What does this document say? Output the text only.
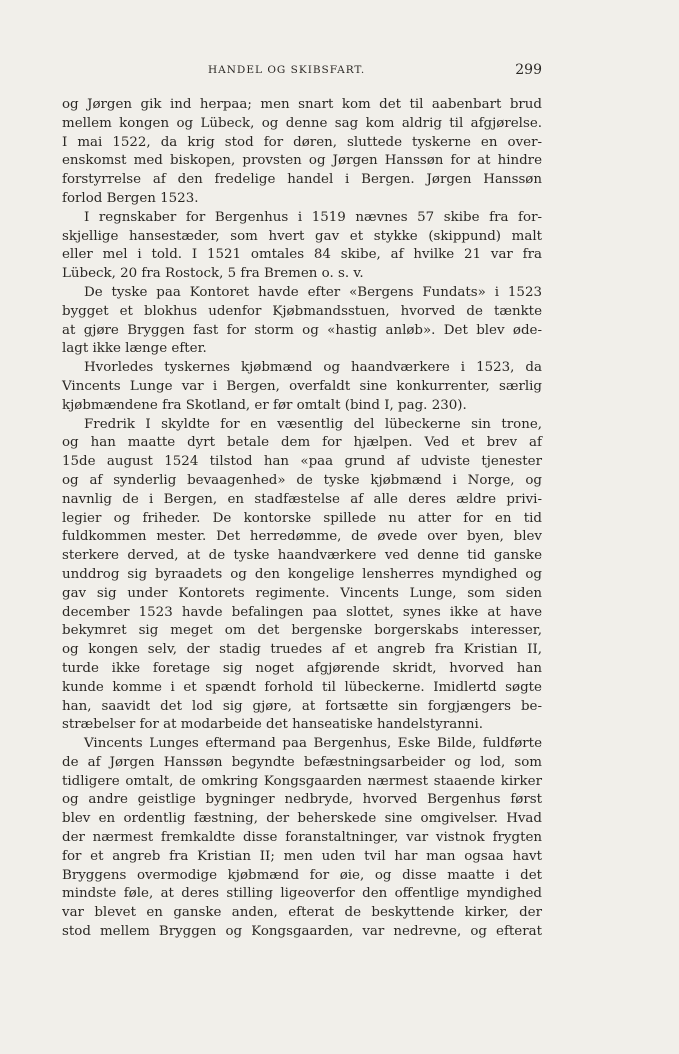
HANDEL OG SKIBSFART.	299
og Jørgen gik ind herpaa; men snart kom det til aabenbart brud
mellem kongen og Lübeck, og denne sag kom aldrig til afgjørelse.
I mai 1522, da krig stod for døren, sluttede tyskerne en over-
enskomst med biskopen, provsten og Jørgen Hanssøn for at hindre
forstyrrelse af den fredelige handel i Bergen. Jørgen Hanssøn
forlod Bergen 1523.
I regnskaber for Bergenhus i 1519 nævnes 57 skibe fra for-
skjellige hansestæder, som hvert gav et stykke (skippund) malt
eller mel i told. I 1521 omtales 84 skibe, af hvilke 21 var fra
Lübeck, 20 fra Rostock, 5 fra Bremen o. s. v.
De tyske paa Kontoret havde efter «Bergens Fundats» i 1523
bygget et blokhus udenfor Kjøbmandsstuen, hvorved de tænkte
at gjøre Bryggen fast for storm og «hastig anløb». Det blev øde-
lagt ikke længe efter.
Hvorledes tyskernes kjøbmænd og haandværkere i 1523, da
Vincents Lunge var i Bergen, overfaldt sine konkurrenter, særlig
kjøbmændene fra Skotland, er før omtalt (bind I, pag. 230).
Fredrik I skyldte for en væsentlig del lübeckerne sin trone,
og han maatte dyrt betale dem for hjælpen. Ved et brev af
15de august 1524 tilstod han «paa grund af udviste tjenester
og af synderlig bevaagenhed» de tyske kjøbmænd i Norge, og
navnlig de i Bergen, en stadfæstelse af alle deres ældre privi-
legier og friheder. De kontorske spillede nu atter for en tid
fuldkommen mester. Det herredømme, de øvede over byen, blev
sterkere derved, at de tyske haandværkere ved denne tid ganske
unddrog sig byraadets og den kongelige lensherres myndighed og
gav sig under Kontorets regimente. Vincents Lunge, som siden
december 1523 havde befalingen paa slottet, synes ikke at have
bekymret sig meget om det bergenske borgerskabs interesser,
og kongen selv, der stadig truedes af et angreb fra Kristian II,
turde ikke foretage sig noget afgjørende skridt, hvorved han
kunde komme i et spændt forhold til lübeckerne. Imidlertd søgte
han, saavidt det lod sig gjøre, at fortsætte sin forgjængers be-
stræbelser for at modarbeide det hanseatiske handelstyranni.
Vincents Lunges eftermand paa Bergenhus, Eske Bilde, fuldførte
de af Jørgen Hanssøn begyndte befæstningsarbeider og lod, som
tidligere omtalt, de omkring Kongsgaarden nærmest staaende kirker
og andre geistlige bygninger nedbryde, hvorved Bergenhus først
blev en ordentlig fæstning, der beherskede sine omgivelser. Hvad
der nærmest fremkaldte disse foranstaltninger, var vistnok frygten
for et angreb fra Kristian II; men uden tvil har man ogsaa havt
Bryggens overmodige kjøbmænd for øie, og disse maatte i det
mindste føle, at deres stilling ligeoverfor den offentlige myndighed
var blevet en ganske anden, efterat de beskyttende kirker, der
stod mellem Bryggen og Kongsgaarden, var nedrevne, og efterat
